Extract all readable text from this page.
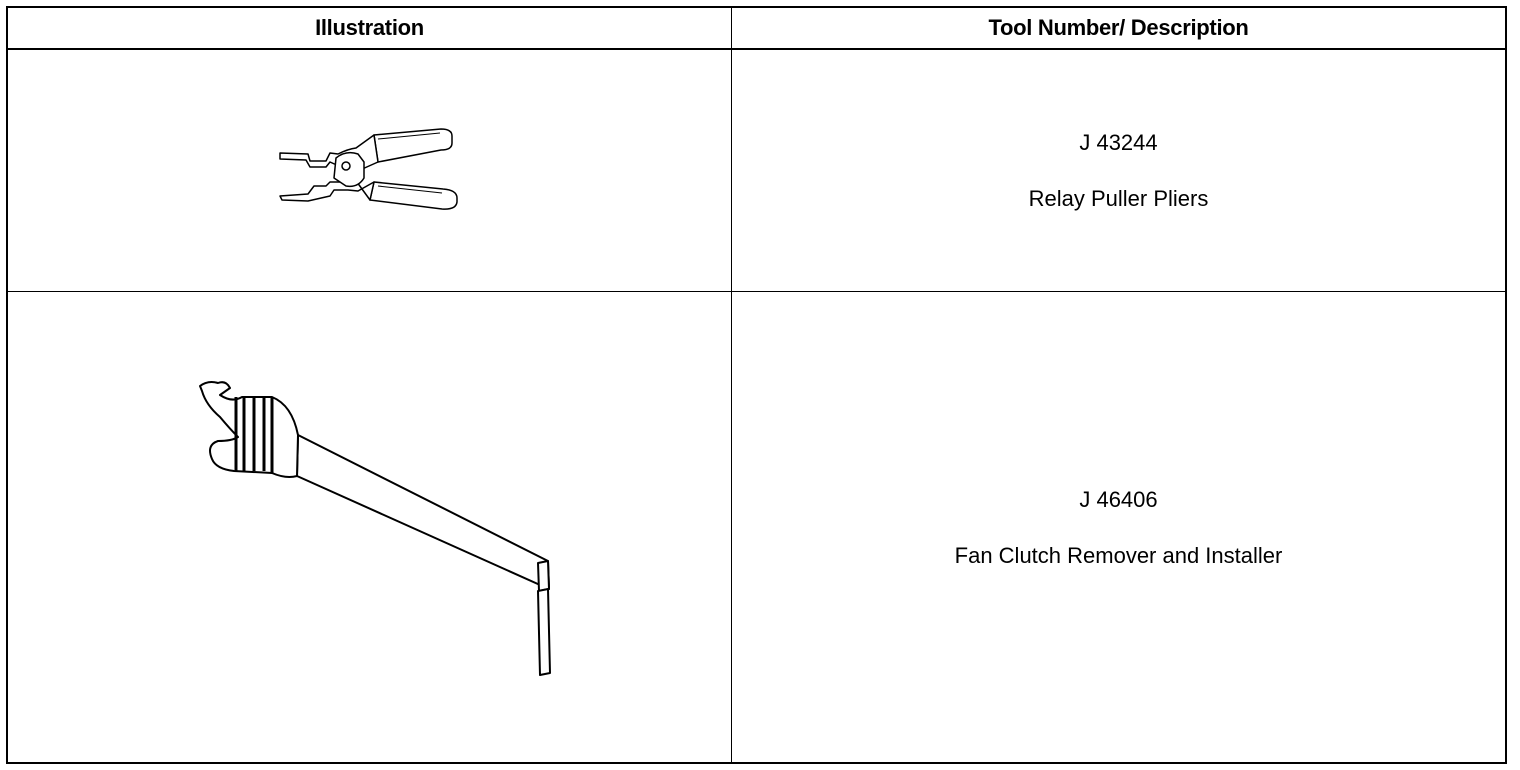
Illustration	Tool Number/ Description
J 43244
Relay Puller Pliers
J 46406
Fan Clutch Remover and Installer
